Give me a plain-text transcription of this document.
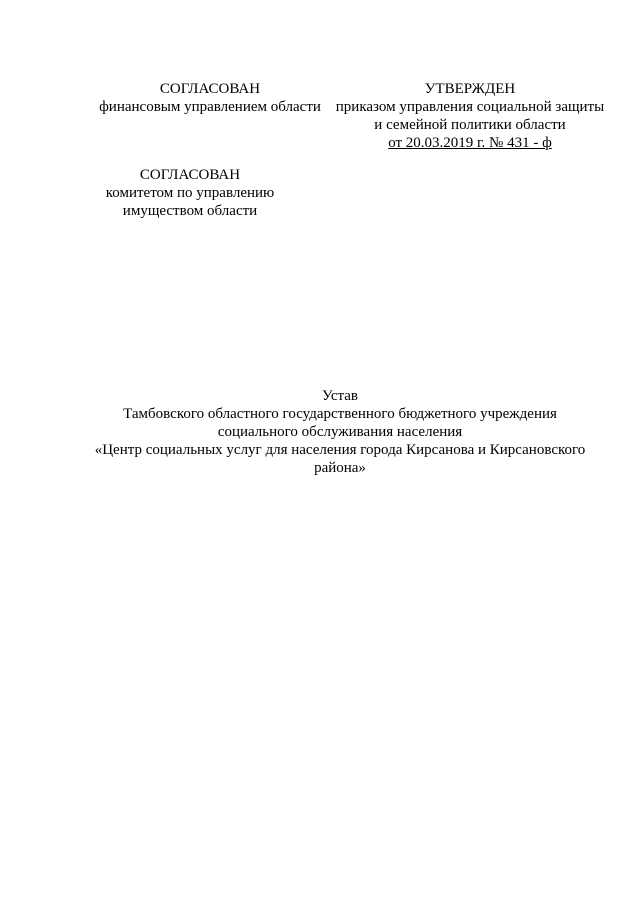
СОГЛАСОВАН
финансовым управлением области
УТВЕРЖДЕН
приказом управления социальной защиты
и семейной политики области
от 20.03.2019 г. № 431 - ф
СОГЛАСОВАН
комитетом по управлению
имуществом области
Устав
Тамбовского областного государственного бюджетного учреждения
социального обслуживания населения
«Центр социальных услуг для населения города Кирсанова и Кирсановского
района»
